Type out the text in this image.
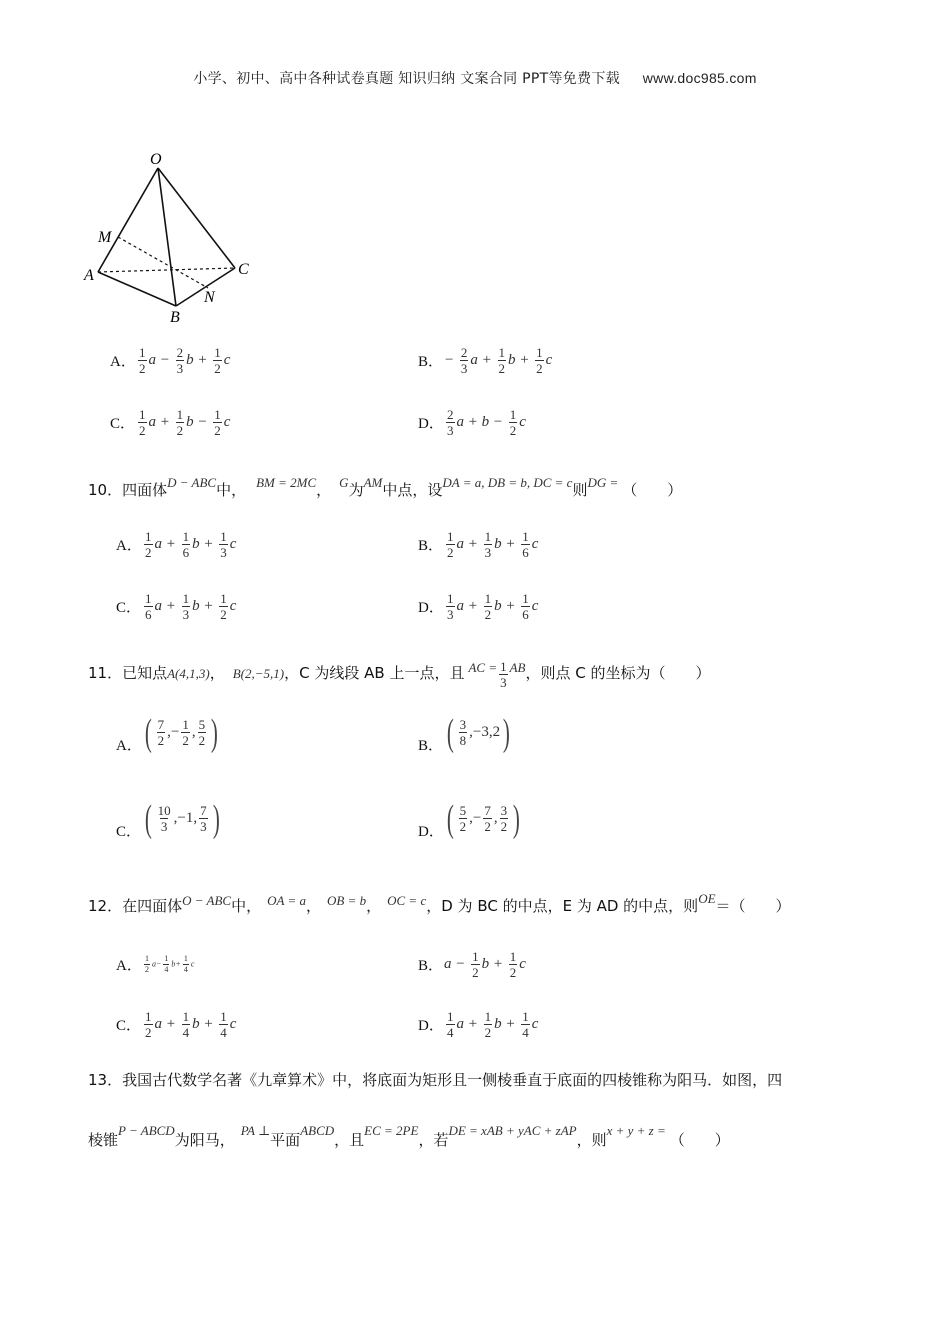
小学、初中、高中各种试卷真题 知识归纳 文案合同 PPT等免费下载 www.doc985.com
O
M
A	C
N
B
A． $\frac{1}{2}$ $a - \frac{2}{3}$ $b + \frac{1}{2}$ c	B． − $\frac{2}{3}$ $a + \frac{1}{2}$ $b + \frac{1}{2}$ c
C． $\frac{1}{2}$ $a + \frac{1}{2}$ $b - \frac{1}{2}$ c	D． $\frac{2}{3}$ $a + b - \frac{1}{2}$ c
10．四面体D − ABC中， BM = 2MC， G为AM中点，设DA = a, DB = b, DC = c则DG = （　　）
A． $\frac{1}{2}$ $a + \frac{1}{6}$ $b + \frac{1}{3}$ c	B． $\frac{1}{2}$ $a + \frac{1}{3}$ $b + \frac{1}{6}$ c
C． $\frac{1}{6}$ $a + \frac{1}{3}$ $b + \frac{1}{2}$ c	D． $\frac{1}{3}$ $a + \frac{1}{2}$ $b + \frac{1}{6}$ c
11．已知点A(4,1,3)， B(2,−5,1)，C 为线段 AB 上一点，且 AC = $\frac{1}{3}$ AB，则点 C 的坐标为（　　）
A． ( $\frac{7}{2}$ , − $\frac{1}{2}$ , $\frac{5}{2}$ )	B． ( $\frac{3}{8}$ , − 3 , 2 )
C． ( $\frac{10}{3}$ , − 1 , $\frac{7}{3}$ )	D． ( $\frac{5}{2}$ , − $\frac{7}{2}$ , $\frac{3}{2}$ )
12．在四面体O − ABC中， OA = a， OB = b， OC = c，D 为 BC 的中点，E 为 AD 的中点，则OE＝（　　）
A． $\frac{1}{2} a- \frac{1}{4} b+ \frac{1}{4}$ c	B． $a - \frac{1}{2}$ $b + \frac{1}{2}$ c
C． $\frac{1}{2}$ $a + \frac{1}{4}$ $b + \frac{1}{4}$ c	D． $\frac{1}{4}$ $a + \frac{1}{2}$ $b + \frac{1}{4}$ c
13．我国古代数学名著《九章算术》中，将底面为矩形且一侧棱垂直于底面的四棱锥称为阳马．如图，四
棱锥P − ABCD为阳马，PA ⊥平面ABCD，且EC = 2PE，若DE = xAB + yAC + zAP，则x + y + z =（　　）
